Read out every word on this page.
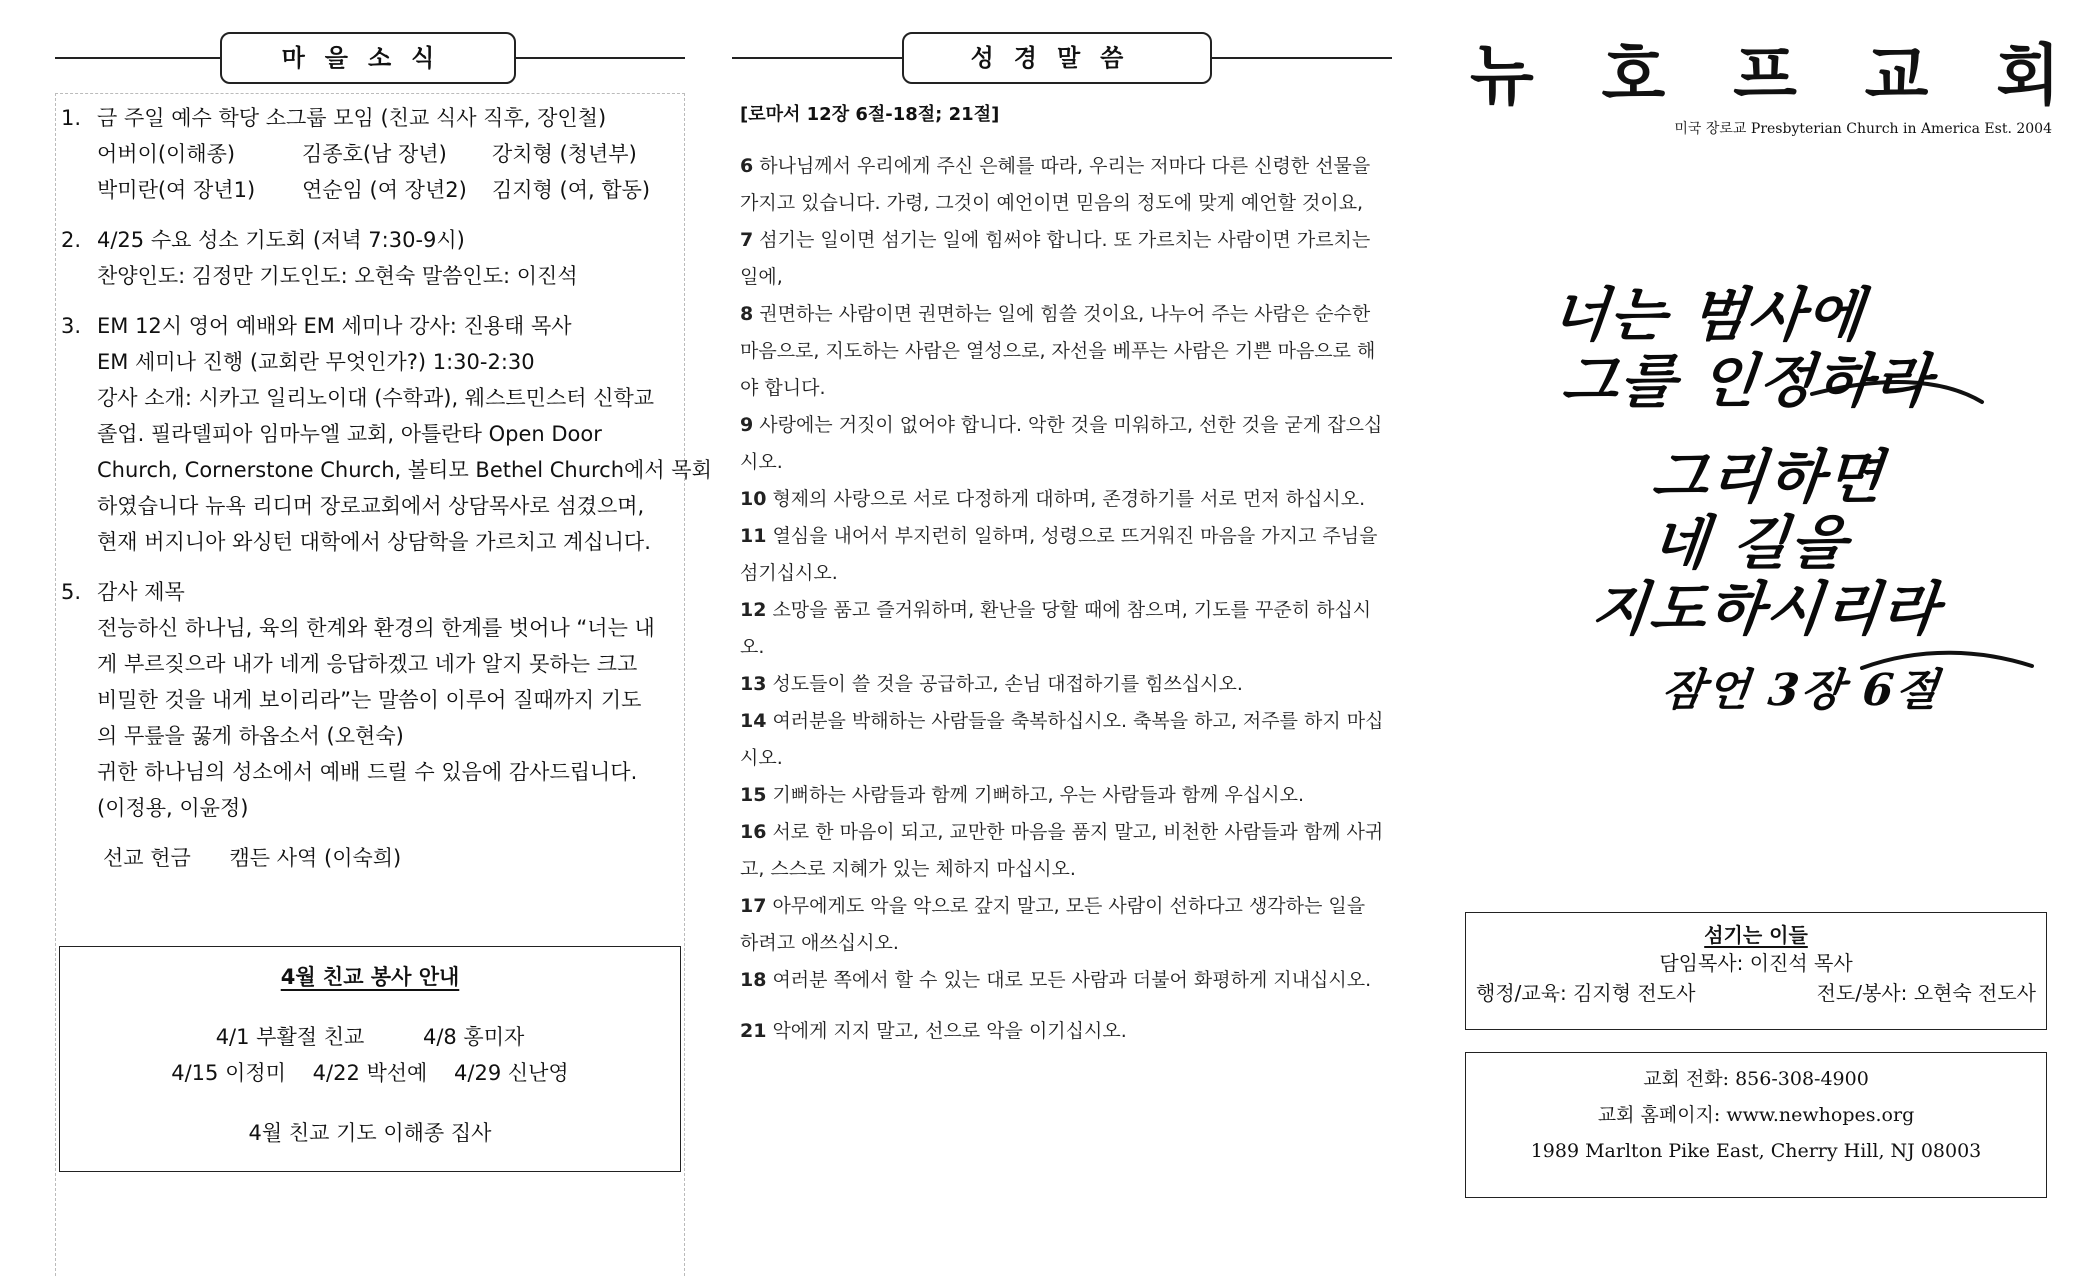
마을소식
1. 금 주일 예수 학당 소그룹 모임 (친교 식사 직후, 장인철)
어버이(이해종)	김종호(남 장년)	강치형 (청년부)
박미란(여 장년1)	연순임 (여 장년2)	김지형 (여, 합동)
2. 4/25 수요 성소 기도회 (저녁 7:30-9시)
찬양인도: 김정만 기도인도: 오현숙 말씀인도: 이진석
3. EM 12시 영어 예배와 EM 세미나 강사: 진용태 목사
EM 세미나 진행 (교회란 무엇인가?) 1:30-2:30
강사 소개: 시카고 일리노이대 (수학과), 웨스트민스터 신학교
졸업. 필라델피아 임마누엘 교회, 아틀란타 Open Door
Church, Cornerstone Church, 볼티모 Bethel Church에서 목회
하였습니다 뉴욕 리디머 장로교회에서 상담목사로 섬겼으며,
현재 버지니아 와싱턴 대학에서 상담학을 가르치고 계십니다.
5. 감사 제목
전능하신 하나님, 육의 한계와 환경의 한계를 벗어나 “너는 내
게 부르짖으라 내가 네게 응답하겠고 네가 알지 못하는 크고
비밀한 것을 내게 보이리라”는 말씀이 이루어 질때까지 기도
의 무릎을 꿇게 하옵소서 (오현숙)
귀한 하나님의 성소에서 예배 드릴 수 있음에 감사드립니다.
(이정용, 이윤정)
선교 헌금 캠든 사역 (이숙희)
4월 친교 봉사 안내
4/1 부활절 친교	4/8 홍미자
4/15 이정미 4/22 박선예 4/29 신난영
4월 친교 기도 이해종 집사
성경말씀
[로마서 12장 6절-18절; 21절]
6 하나님께서 우리에게 주신 은혜를 따라, 우리는 저마다 다른 신령한 선물을 가지고 있습니다. 가령, 그것이 예언이면 믿음의 정도에 맞게 예언할 것이요,
7 섬기는 일이면 섬기는 일에 힘써야 합니다. 또 가르치는 사람이면 가르치는 일에,
8 권면하는 사람이면 권면하는 일에 힘쓸 것이요, 나누어 주는 사람은 순수한 마음으로, 지도하는 사람은 열성으로, 자선을 베푸는 사람은 기쁜 마음으로 해야 합니다.
9 사랑에는 거짓이 없어야 합니다. 악한 것을 미워하고, 선한 것을 굳게 잡으십시오.
10 형제의 사랑으로 서로 다정하게 대하며, 존경하기를 서로 먼저 하십시오.
11 열심을 내어서 부지런히 일하며, 성령으로 뜨거워진 마음을 가지고 주님을 섬기십시오.
12 소망을 품고 즐거워하며, 환난을 당할 때에 참으며, 기도를 꾸준히 하십시오.
13 성도들이 쓸 것을 공급하고, 손님 대접하기를 힘쓰십시오.
14 여러분을 박해하는 사람들을 축복하십시오. 축복을 하고, 저주를 하지 마십시오.
15 기뻐하는 사람들과 함께 기뻐하고, 우는 사람들과 함께 우십시오.
16 서로 한 마음이 되고, 교만한 마음을 품지 말고, 비천한 사람들과 함께 사귀고, 스스로 지혜가 있는 체하지 마십시오.
17 아무에게도 악을 악으로 갚지 말고, 모든 사람이 선하다고 생각하는 일을 하려고 애쓰십시오.
18 여러분 쪽에서 할 수 있는 대로 모든 사람과 더불어 화평하게 지내십시오.
21 악에게 지지 말고, 선으로 악을 이기십시오.
뉴 호 프 교 회
미국 장로교 Presbyterian Church in America Est. 2004
너는 범사에
그를 인정하라
그리하면
네 길을
지도하시리라
잠언 3장 6절
섬기는 이들
담임목사: 이진석 목사
행정/교육: 김지형 전도사	전도/봉사: 오현숙 전도사
교회 전화: 856-308-4900
교회 홈페이지: www.newhopes.org
1989 Marlton Pike East, Cherry Hill, NJ 08003
